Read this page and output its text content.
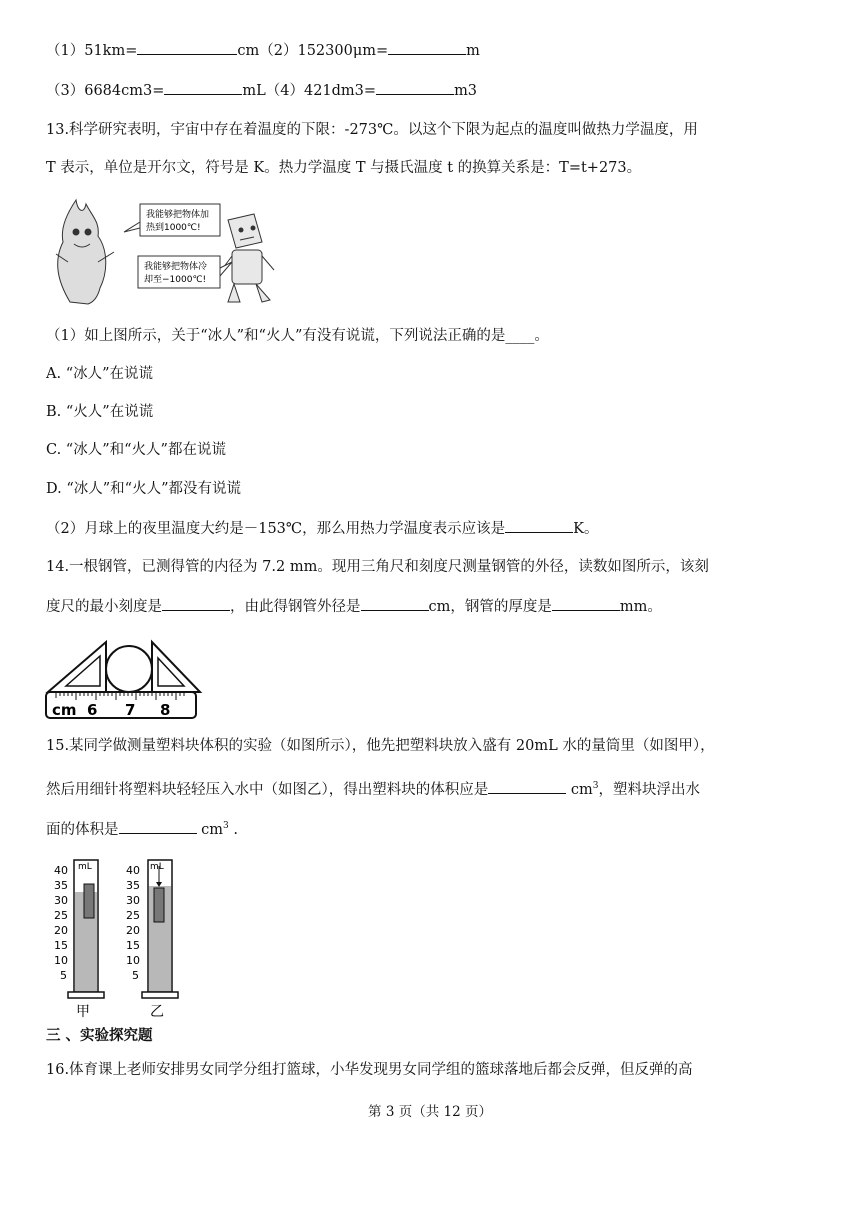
（1）51km=	cm（2）152300μm=	m
（3）6684cm3=	mL（4）421dm3=	m3
13.科学研究表明，宇宙中存在着温度的下限：-273℃。以这个下限为起点的温度叫做热力学温度，用
T 表示，单位是开尔文，符号是 K。热力学温度 T 与摄氏温度 t 的换算关系是：T=t+273。
我能够把物体加
热到1000℃!
我能够把物体冷
却至−1000℃!
（1）如上图所示，关于“冰人”和“火人”有没有说谎，下列说法正确的是____。
A. “冰人”在说谎
B. “火人”在说谎
C. “冰人”和“火人”都在说谎
D. “冰人”和“火人”都没有说谎
（2）月球上的夜里温度大约是－153℃，那么用热力学温度表示应该是	K。
14.一根钢管，已测得管的内径为 7.2 mm。现用三角尺和刻度尺测量钢管的外径，读数如图所示，该刻
度尺的最小刻度是	，由此得钢管外径是	cm，钢管的厚度是	mm。
cm 6 7 8
15.某同学做测量塑料块体积的实验（如图所示），他先把塑料块放入盛有 20mL 水的量筒里（如图甲），
然后用细针将塑料块轻轻压入水中（如图乙），得出塑料块的体积应是	$cm^3$，塑料块浮出水
面的体积是	$cm^3$ .
mL
40
35
30
25
20
15
10
5
甲
mL
40
35
30
25
20
15
10
5
乙
三 、实验探究题
16.体育课上老师安排男女同学分组打篮球，小华发现男女同学组的篮球落地后都会反弹，但反弹的高
第 3 页（共 12 页）
